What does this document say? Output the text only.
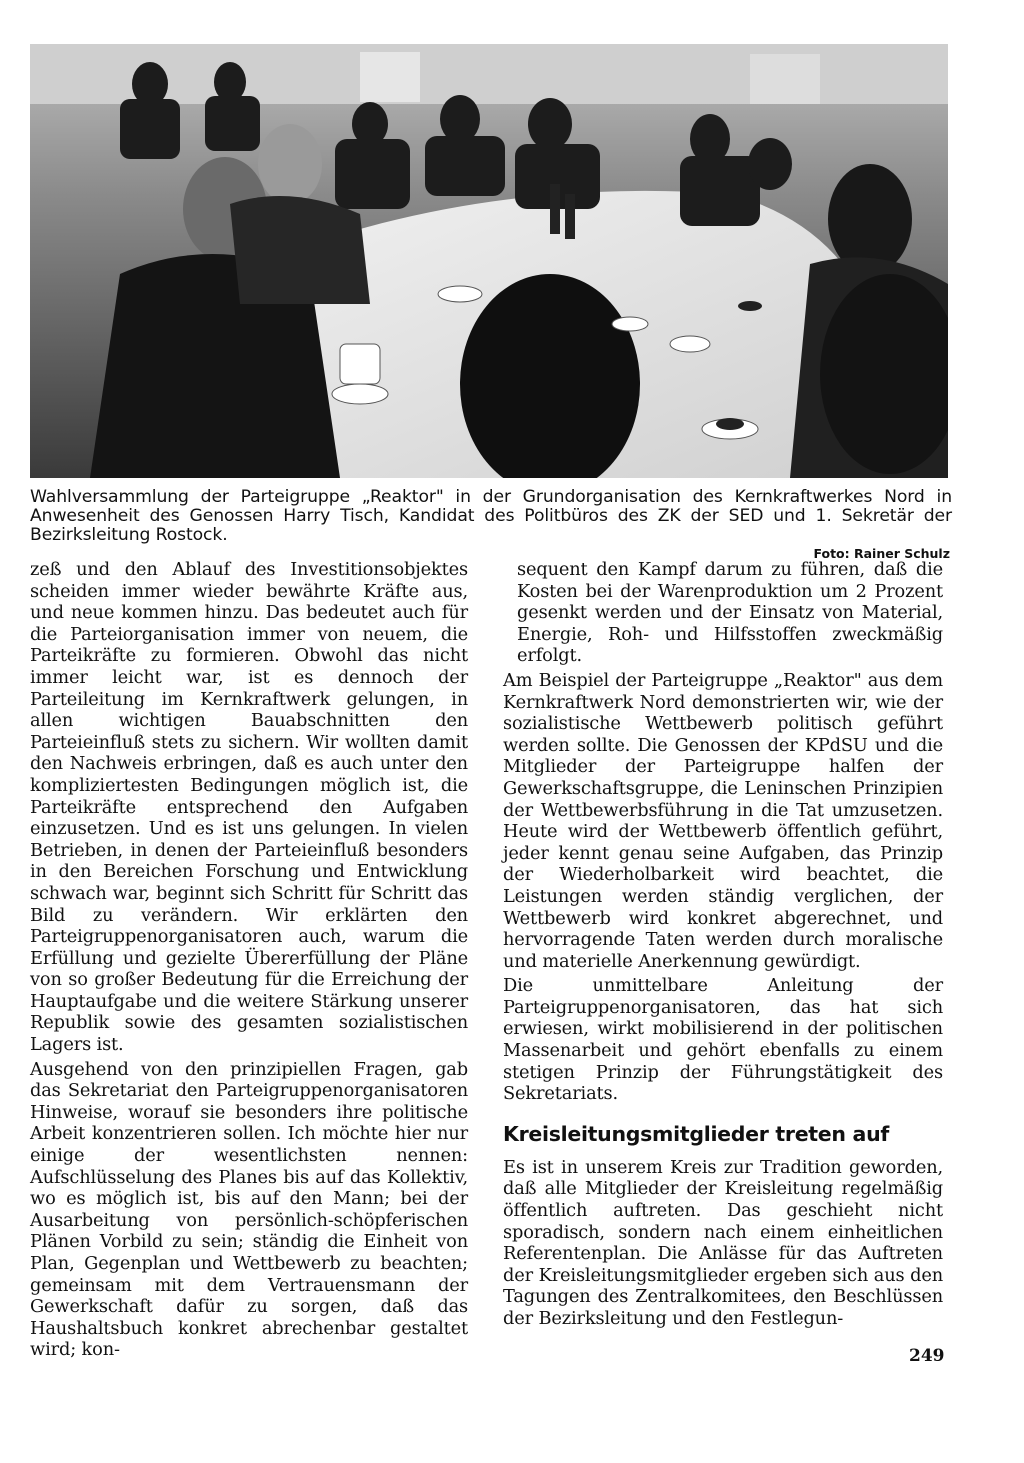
Wahlversammlung der Parteigruppe „Reaktor" in der Grundorganisation des Kernkraftwerkes Nord in Anwesenheit des Genossen Harry Tisch, Kandidat des Politbüros des ZK der SED und 1. Sekretär der Bezirksleitung Rostock.
Foto: Rainer Schulz

zeß und den Ablauf des Investitionsobjektes scheiden immer wieder bewährte Kräfte aus, und neue kommen hinzu. Das bedeutet auch für die Parteiorganisation immer von neuem, die Parteikräfte zu formieren. Obwohl das nicht immer leicht war, ist es dennoch der Parteileitung im Kernkraftwerk gelungen, in allen wichtigen Bauabschnitten den Parteieinfluß stets zu sichern. Wir wollten damit den Nachweis erbringen, daß es auch unter den kompliziertesten Bedingungen möglich ist, die Parteikräfte entsprechend den Aufgaben einzusetzen. Und es ist uns gelungen. In vielen Betrieben, in denen der Parteieinfluß besonders in den Bereichen Forschung und Entwicklung schwach war, beginnt sich Schritt für Schritt das Bild zu verändern. Wir erklärten den Parteigruppenorganisatoren auch, warum die Erfüllung und gezielte Übererfüllung der Pläne von so großer Bedeutung für die Erreichung der Hauptaufgabe und die weitere Stärkung unserer Republik sowie des gesamten sozialistischen Lagers ist.

Ausgehend von den prinzipiellen Fragen, gab das Sekretariat den Parteigruppenorganisatoren Hinweise, worauf sie besonders ihre politische Arbeit konzentrieren sollen. Ich möchte hier nur einige der wesentlichsten nennen: Aufschlüsselung des Planes bis auf das Kollektiv, wo es möglich ist, bis auf den Mann; bei der Ausarbeitung von persönlich-schöpferischen Plänen Vorbild zu sein; ständig die Einheit von Plan, Gegenplan und Wettbewerb zu beachten; gemeinsam mit dem Vertrauensmann der Gewerkschaft dafür zu sorgen, daß das Haushaltsbuch konkret abrechenbar gestaltet wird; kon-

sequent den Kampf darum zu führen, daß die Kosten bei der Warenproduktion um 2 Prozent gesenkt werden und der Einsatz von Material, Energie, Roh- und Hilfsstoffen zweckmäßig erfolgt.

Am Beispiel der Parteigruppe „Reaktor" aus dem Kernkraftwerk Nord demonstrierten wir, wie der sozialistische Wettbewerb politisch geführt werden sollte. Die Genossen der KPdSU und die Mitglieder der Parteigruppe halfen der Gewerkschaftsgruppe, die Leninschen Prinzipien der Wettbewerbsführung in die Tat umzusetzen. Heute wird der Wettbewerb öffentlich geführt, jeder kennt genau seine Aufgaben, das Prinzip der Wiederholbarkeit wird beachtet, die Leistungen werden ständig verglichen, der Wettbewerb wird konkret abgerechnet, und hervorragende Taten werden durch moralische und materielle Anerkennung gewürdigt.

Die unmittelbare Anleitung der Parteigruppenorganisatoren, das hat sich erwiesen, wirkt mobilisierend in der politischen Massenarbeit und gehört ebenfalls zu einem stetigen Prinzip der Führungstätigkeit des Sekretariats.

Kreisleitungsmitglieder treten auf

Es ist in unserem Kreis zur Tradition geworden, daß alle Mitglieder der Kreisleitung regelmäßig öffentlich auftreten. Das geschieht nicht sporadisch, sondern nach einem einheitlichen Referentenplan. Die Anlässe für das Auftreten der Kreisleitungsmitglieder ergeben sich aus den Tagungen des Zentralkomitees, den Beschlüssen der Bezirksleitung und den Festlegun-

249
